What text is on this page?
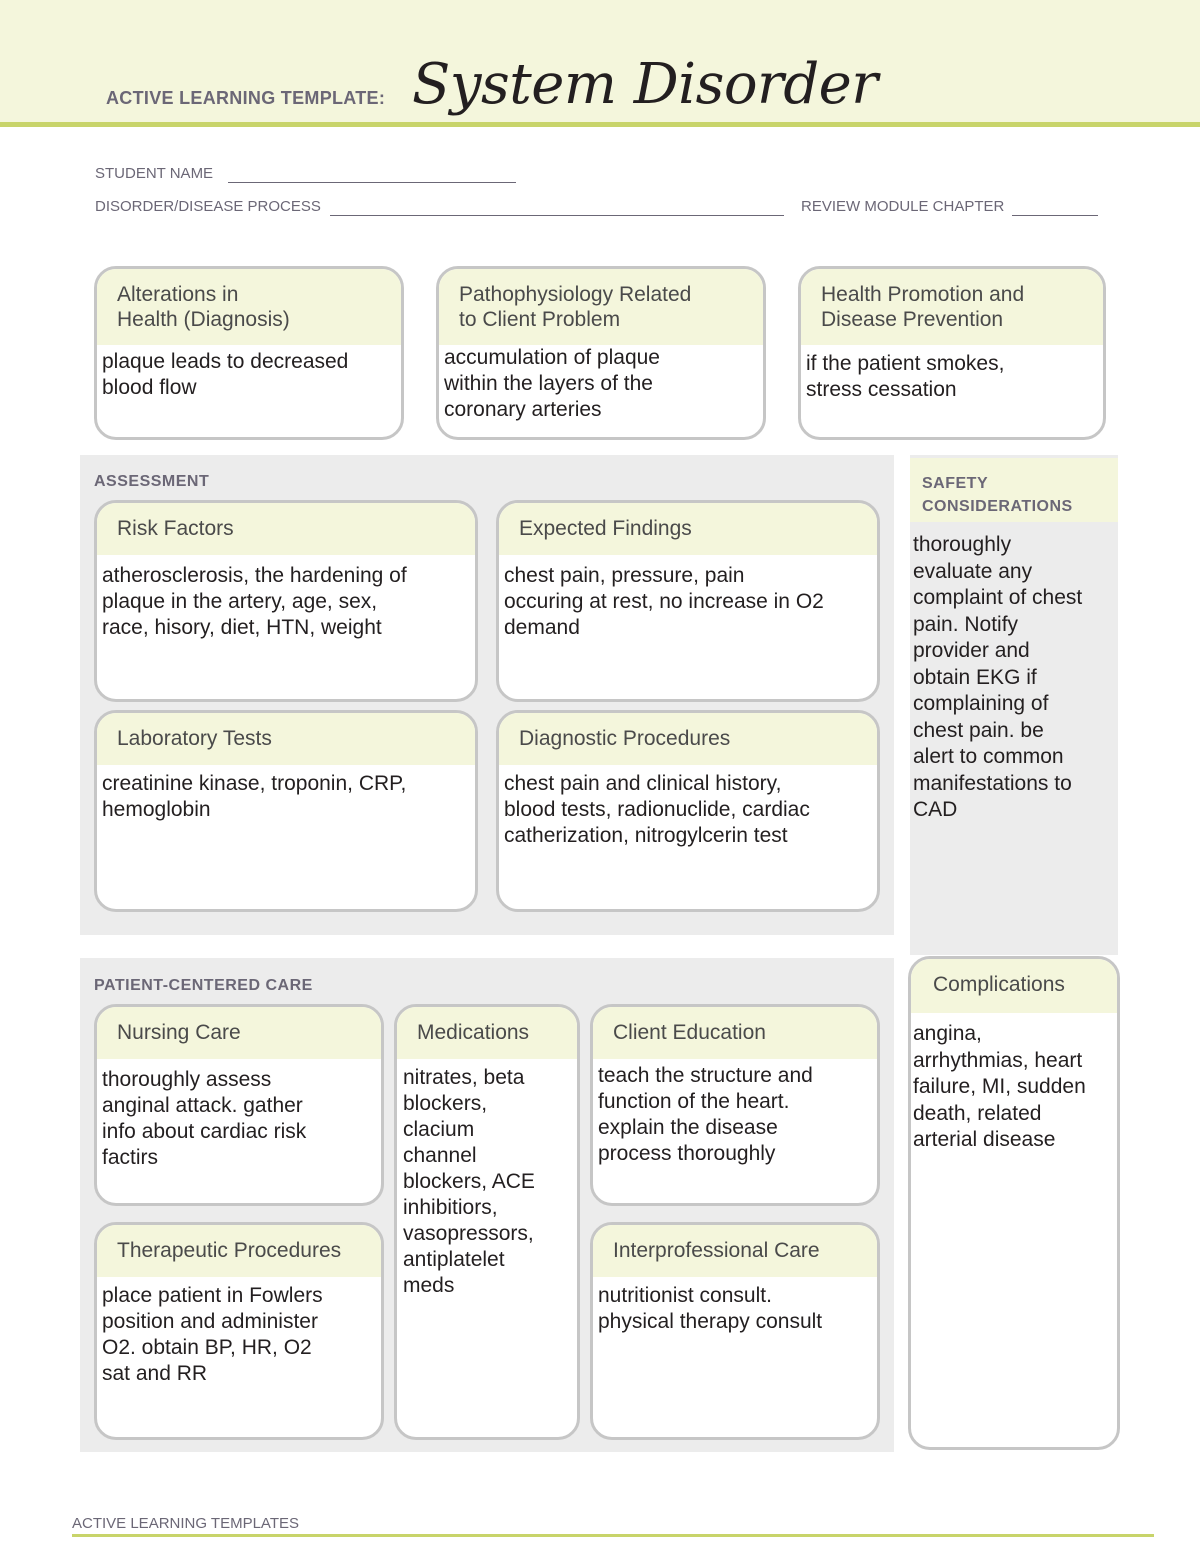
ACTIVE LEARNING TEMPLATE: System Disorder
STUDENT NAME
DISORDER/DISEASE PROCESS	REVIEW MODULE CHAPTER
Alterations in
Health (Diagnosis)
plaque leads to decreased
blood flow
Pathophysiology Related
to Client Problem
accumulation of plaque
within the layers of the
coronary arteries
Health Promotion and
Disease Prevention
if the patient smokes,
stress cessation
ASSESSMENT
Risk Factors
atherosclerosis, the hardening of
plaque in the artery, age, sex,
race, hisory, diet, HTN, weight
Expected Findings
chest pain, pressure, pain
occuring at rest, no increase in O2
demand
Laboratory Tests
creatinine kinase, troponin, CRP,
hemoglobin
Diagnostic Procedures
chest pain and clinical history,
blood tests, radionuclide, cardiac
catherization, nitrogylcerin test
SAFETY
CONSIDERATIONS
thoroughly
evaluate any
complaint of chest
pain. Notify
provider and
obtain EKG if
complaining of
chest pain. be
alert to common
manifestations to
CAD
PATIENT-CENTERED CARE
Nursing Care
thoroughly assess
anginal attack. gather
info about cardiac risk
factirs
Medications
nitrates, beta
blockers,
clacium
channel
blockers, ACE
inhibitiors,
vasopressors,
antiplatelet
meds
Client Education
teach the structure and
function of the heart.
explain the disease
process thoroughly
Therapeutic Procedures
place patient in Fowlers
position and administer
O2. obtain BP, HR, O2
sat and RR
Interprofessional Care
nutritionist consult.
physical therapy consult
Complications
angina,
arrhythmias, heart
failure, MI, sudden
death, related
arterial disease
ACTIVE LEARNING TEMPLATES
